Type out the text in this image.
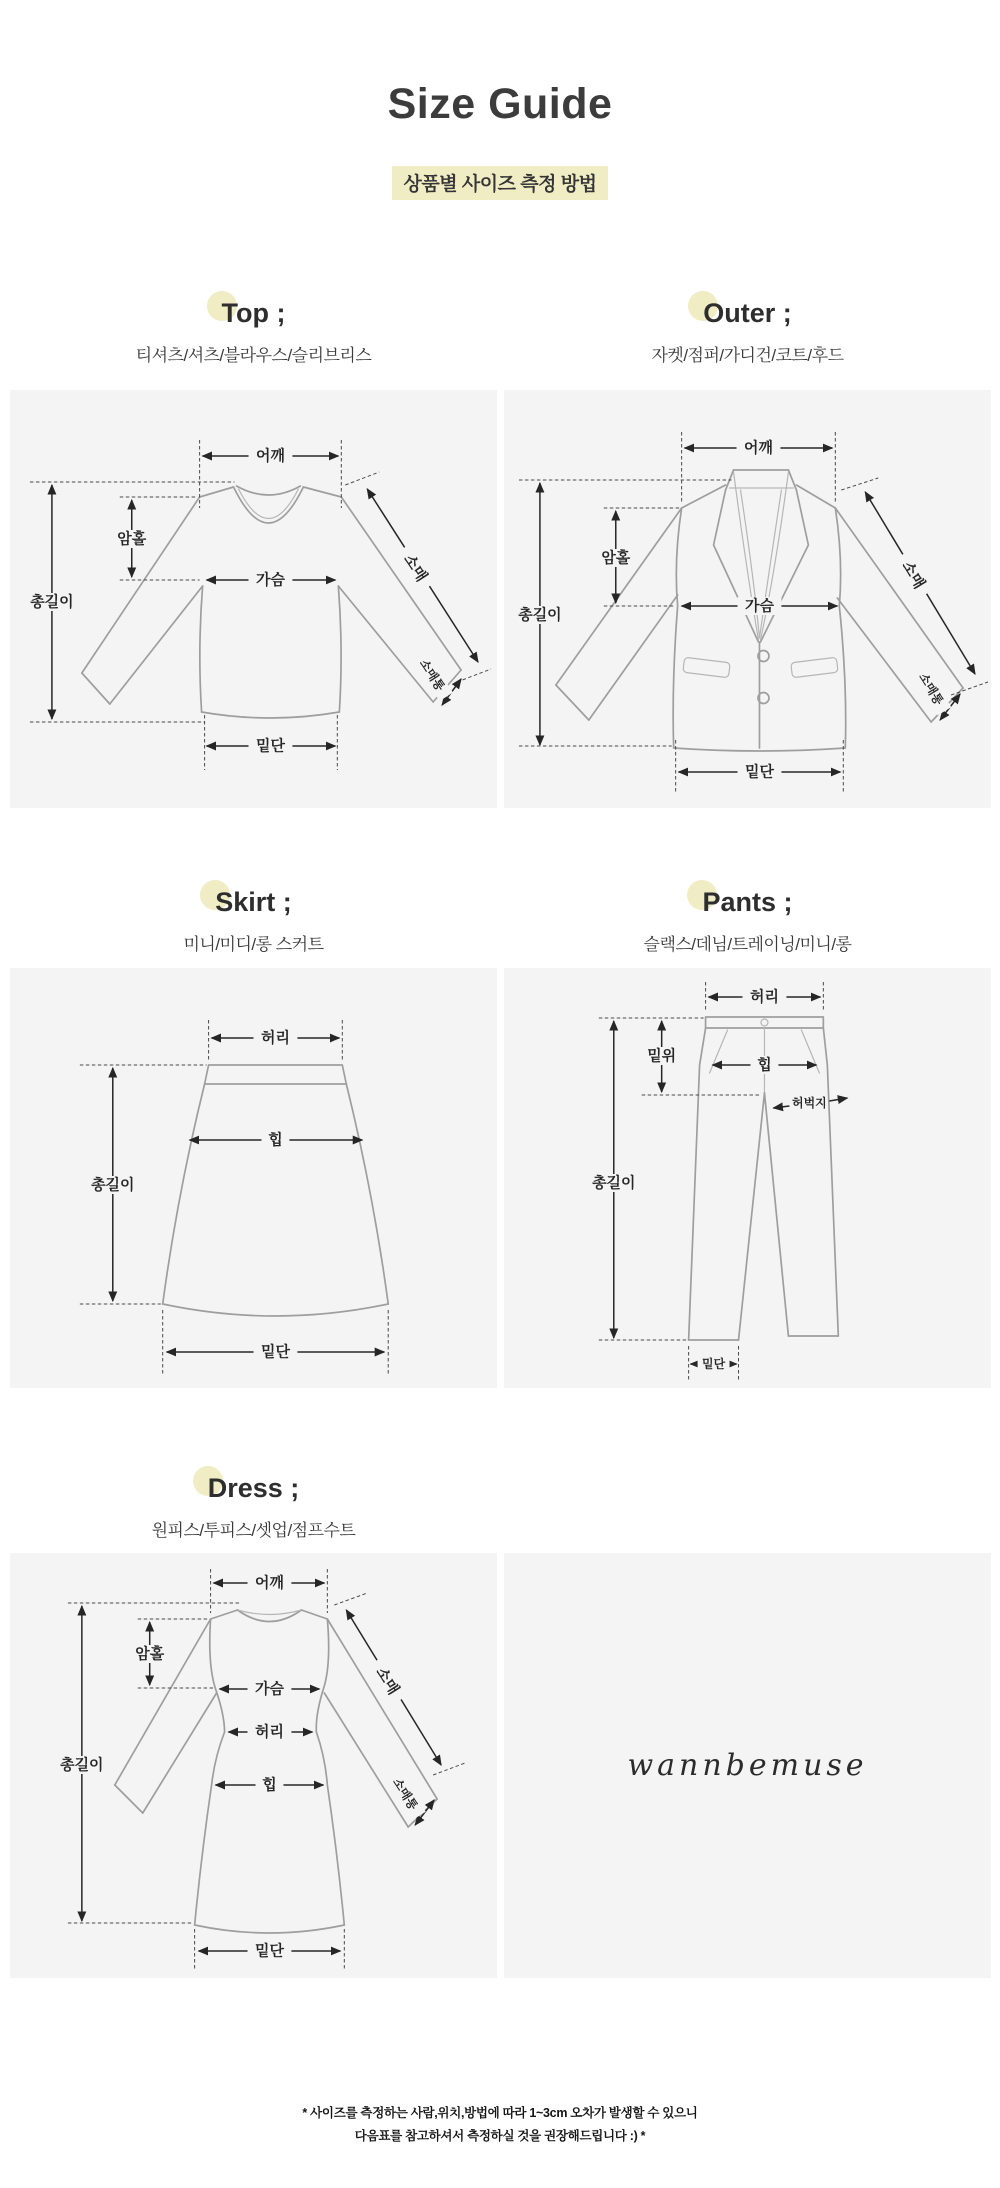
Size Guide
상품별 사이즈 측정 방법
Top ;
티셔츠/셔츠/블라우스/슬리브리스
Outer ;
자켓/점퍼/가디건/코트/후드
어깨
총길이
암홀
가슴
밑단
소매
소매통
어깨
총길이
암홀
가슴
밑단
소매
소매통
Skirt ;
미니/미디/롱 스커트
Pants ;
슬랙스/데님/트레이닝/미니/롱
허리
힙
총길이
밑단
허리
밑위
힙
허벅지
총길이
밑단
Dress ;
원피스/투피스/셋업/점프수트
어깨
총길이
암홀
가슴
허리
힙
밑단
소매
소매통
wannbemuse
* 사이즈를 측정하는 사람,위치,방법에 따라 1~3cm 오차가 발생할 수 있으니
다음표를 참고하셔서 측정하실 것을 권장해드립니다 :) *
